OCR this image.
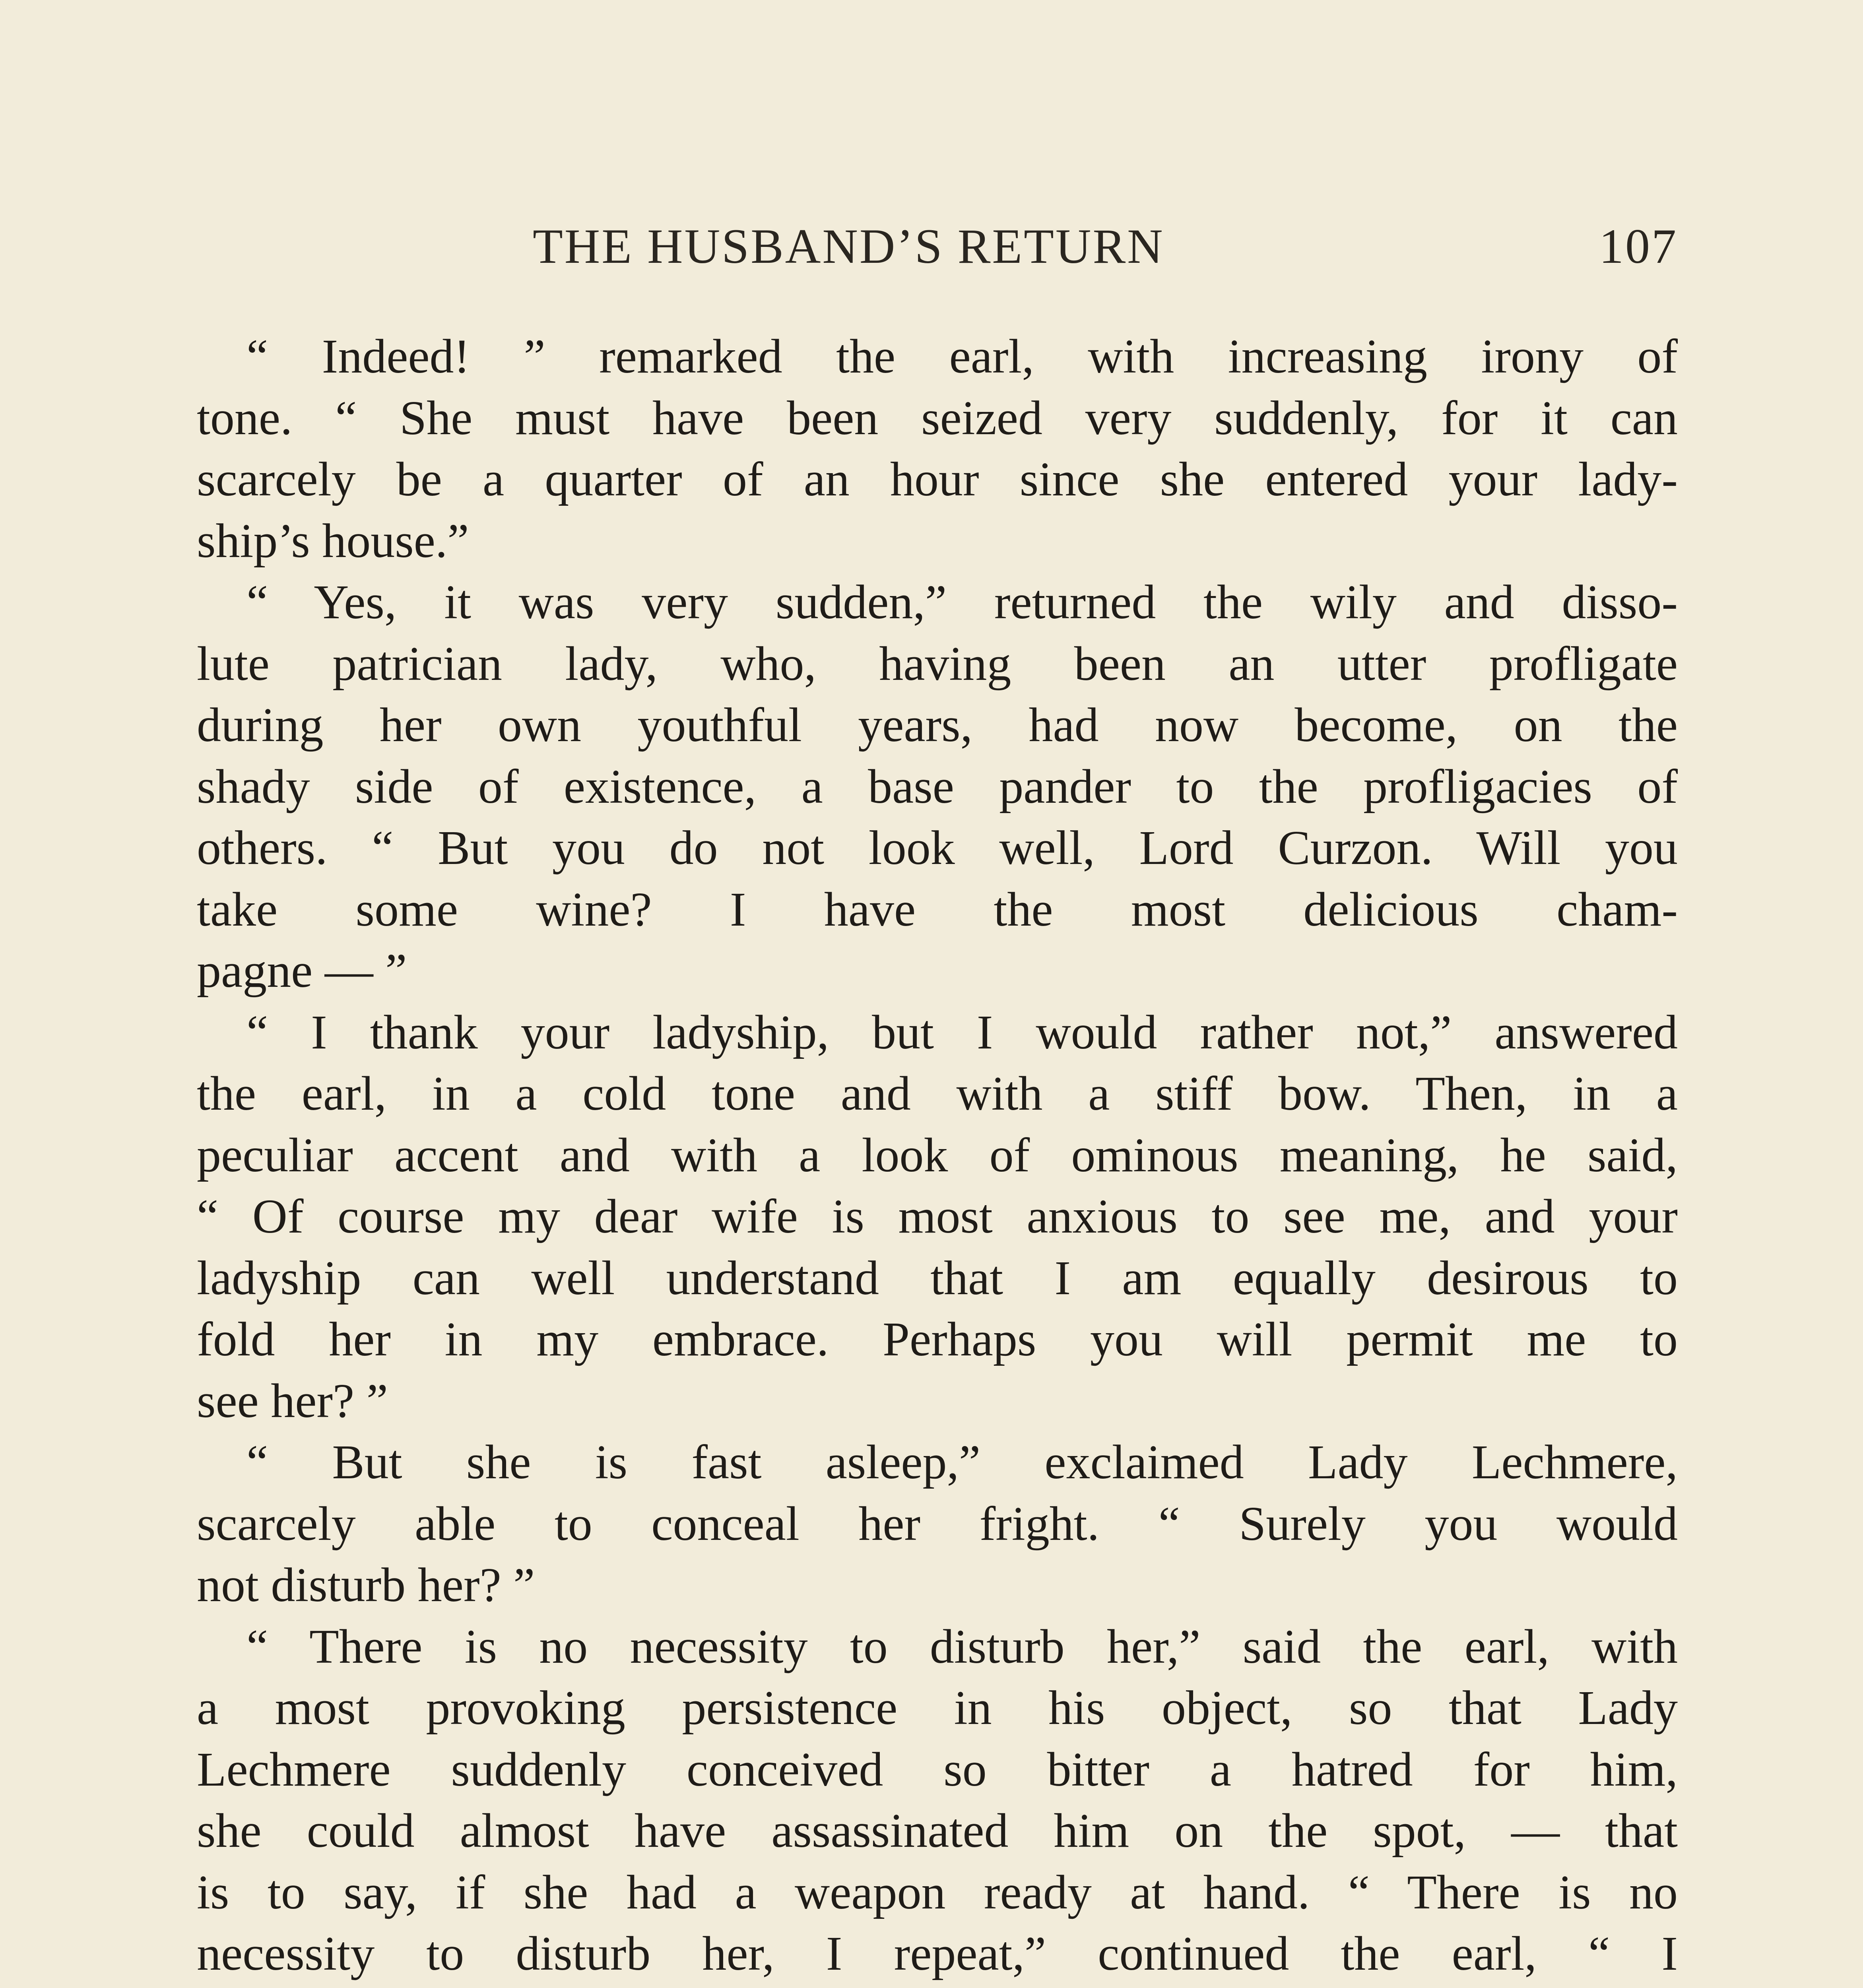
THE HUSBAND’S RETURN	107
“ Indeed! ” remarked the earl, with increasing irony of
tone. “ She must have been seized very suddenly, for it can
scarcely be a quarter of an hour since she entered your lady-
ship’s house.”
“ Yes, it was very sudden,” returned the wily and disso-
lute patrician lady, who, having been an utter profligate
during her own youthful years, had now become, on the
shady side of existence, a base pander to the profligacies of
others. “ But you do not look well, Lord Curzon. Will you
take some wine? I have the most delicious cham-
pagne — ”
“ I thank your ladyship, but I would rather not,” answered
the earl, in a cold tone and with a stiff bow. Then, in a
peculiar accent and with a look of ominous meaning, he said,
“ Of course my dear wife is most anxious to see me, and your
ladyship can well understand that I am equally desirous to
fold her in my embrace. Perhaps you will permit me to
see her? ”
“ But she is fast asleep,” exclaimed Lady Lechmere,
scarcely able to conceal her fright. “ Surely you would
not disturb her? ”
“ There is no necessity to disturb her,” said the earl, with
a most provoking persistence in his object, so that Lady
Lechmere suddenly conceived so bitter a hatred for him,
she could almost have assassinated him on the spot, — that
is to say, if she had a weapon ready at hand. “ There is no
necessity to disturb her, I repeat,” continued the earl, “ I
